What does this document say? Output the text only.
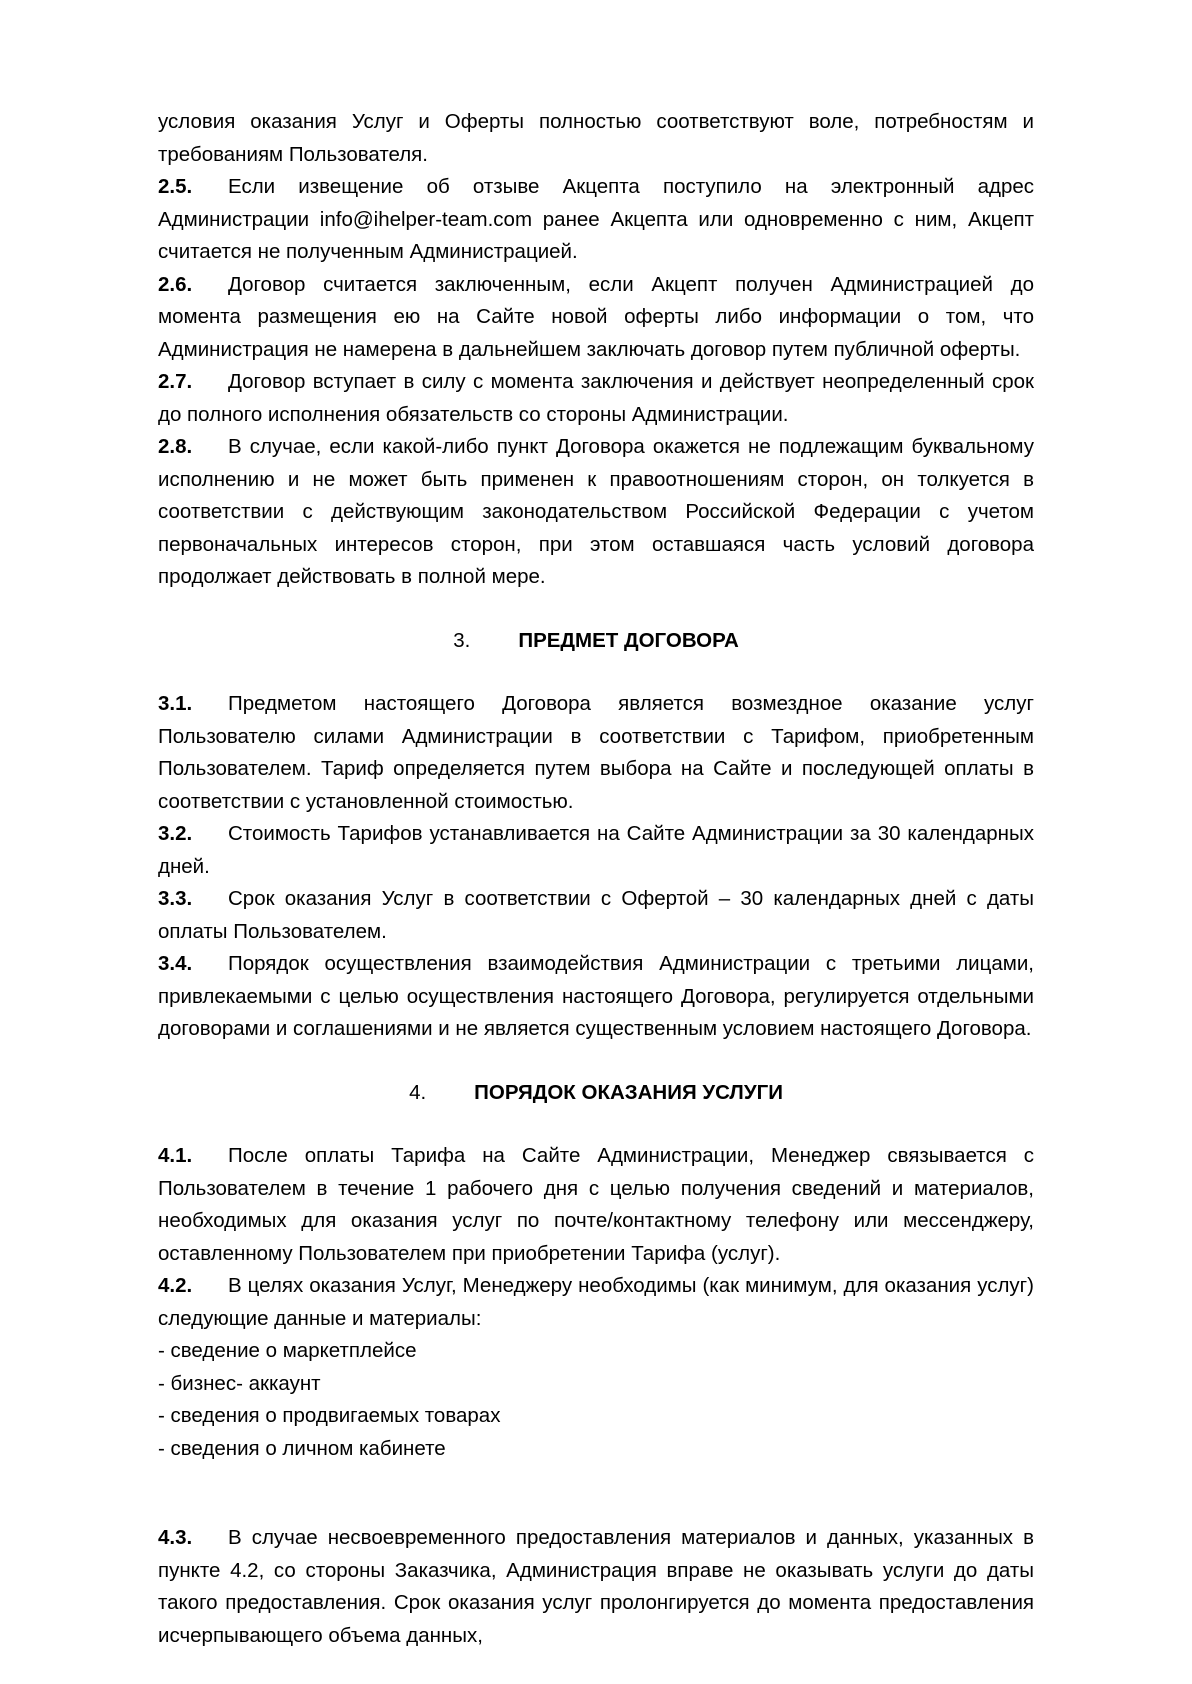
условия оказания Услуг и Оферты полностью соответствуют воле, потребностям и требованиям Пользователя.

2.5. Если извещение об отзыве Акцепта поступило на электронный адрес Администрации info@ihelper-team.com ранее Акцепта или одновременно с ним, Акцепт считается не полученным Администрацией.

2.6. Договор считается заключенным, если Акцепт получен Администрацией до момента размещения ею на Сайте новой оферты либо информации о том, что Администрация не намерена в дальнейшем заключать договор путем публичной оферты.

2.7. Договор вступает в силу с момента заключения и действует неопределенный срок до полного исполнения обязательств со стороны Администрации.

2.8. В случае, если какой-либо пункт Договора окажется не подлежащим буквальному исполнению и не может быть применен к правоотношениям сторон, он толкуется в соответствии с действующим законодательством Российской Федерации с учетом первоначальных интересов сторон, при этом оставшаяся часть условий договора продолжает действовать в полной мере.

3. ПРЕДМЕТ ДОГОВОРА

3.1. Предметом настоящего Договора является возмездное оказание услуг Пользователю силами Администрации в соответствии с Тарифом, приобретенным Пользователем. Тариф определяется путем выбора на Сайте и последующей оплаты в соответствии с установленной стоимостью.

3.2. Стоимость Тарифов устанавливается на Сайте Администрации за 30 календарных дней.

3.3. Срок оказания Услуг в соответствии с Офертой – 30 календарных дней с даты оплаты Пользователем.

3.4. Порядок осуществления взаимодействия Администрации с третьими лицами, привлекаемыми с целью осуществления настоящего Договора, регулируется отдельными договорами и соглашениями и не является существенным условием настоящего Договора.

4. ПОРЯДОК ОКАЗАНИЯ УСЛУГИ

4.1. После оплаты Тарифа на Сайте Администрации, Менеджер связывается с Пользователем в течение 1 рабочего дня с целью получения сведений и материалов, необходимых для оказания услуг по почте/контактному телефону или мессенджеру, оставленному Пользователем при приобретении Тарифа (услуг).

4.2. В целях оказания Услуг, Менеджеру необходимы (как минимум, для оказания услуг) следующие данные и материалы:

- сведение о маркетплейсе

- бизнес- аккаунт

- сведения о продвигаемых товарах

- сведения о личном кабинете

4.3. В случае несвоевременного предоставления материалов и данных, указанных в пункте 4.2, со стороны Заказчика, Администрация вправе не оказывать услуги до даты такого предоставления. Срок оказания услуг пролонгируется до момента предоставления исчерпывающего объема данных,
